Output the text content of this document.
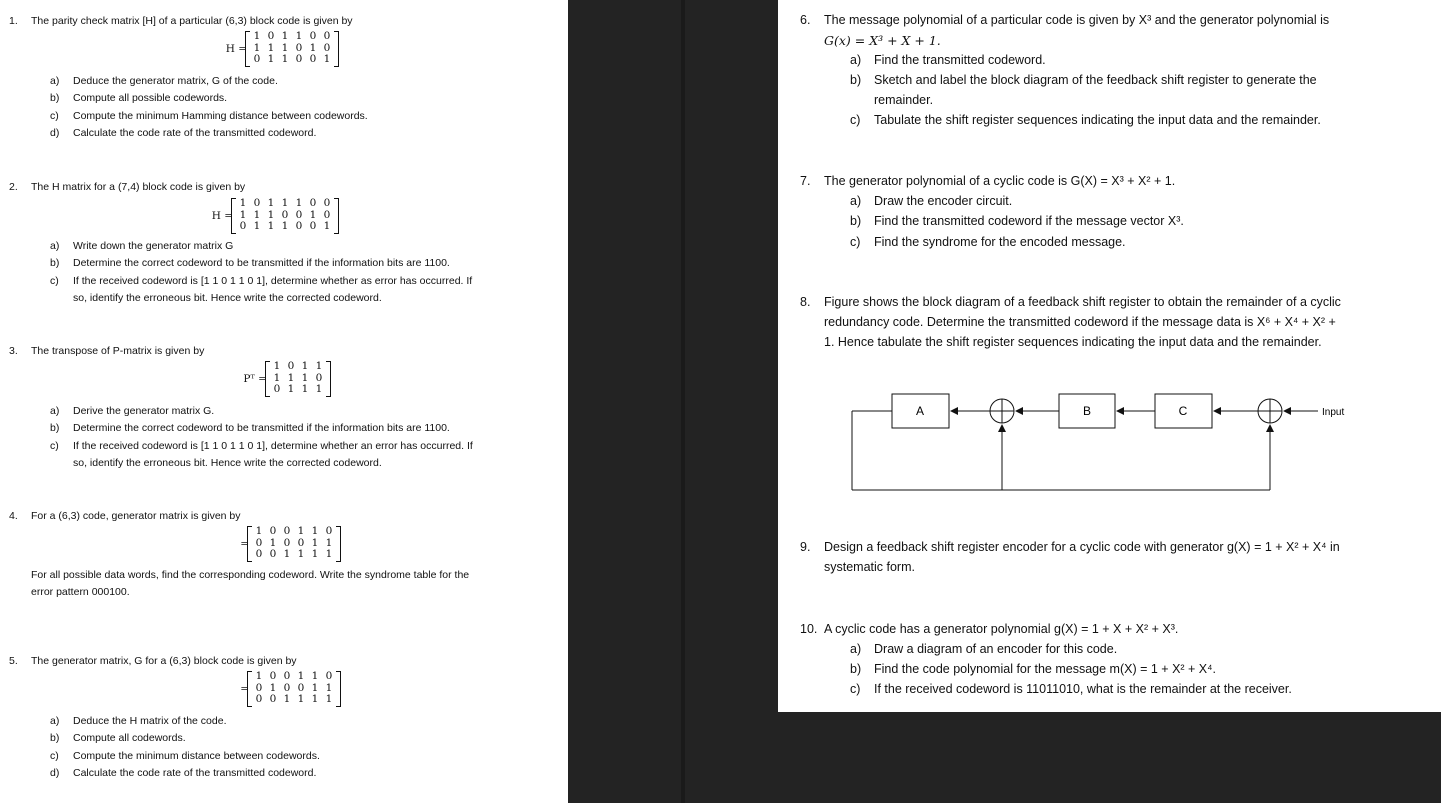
1. The parity check matrix [H] of a particular (6,3) block code is given by
H =
1	0	1	1	0	0
1	1	1	0	1	0
0	1	1	0	0	1
a) Deduce the generator matrix, G of the code.
b) Compute all possible codewords.
c) Compute the minimum Hamming distance between codewords.
d) Calculate the code rate of the transmitted codeword.
2. The H matrix for a (7,4) block code is given by
H =
1	0	1	1	1	0	0
1	1	1	0	0	1	0
0	1	1	1	0	0	1
a) Write down the generator matrix G
b) Determine the correct codeword to be transmitted if the information bits are 1100.
c) If the received codeword is [1 1 0 1 1 0 1], determine whether as error has occurred. If
so, identify the erroneous bit. Hence write the corrected codeword.
3. The transpose of P-matrix is given by
Pᵀ =
1	0	1	1
1	1	1	0
0	1	1	1
a) Derive the generator matrix G.
b) Determine the correct codeword to be transmitted if the information bits are 1100.
c) If the received codeword is [1 1 0 1 1 0 1], determine whether an error has occurred. If
so, identify the erroneous bit. Hence write the corrected codeword.
4. For a (6,3) code, generator matrix is given by
=
1	0	0	1	1	0
0	1	0	0	1	1
0	0	1	1	1	1
For all possible data words, find the corresponding codeword. Write the syndrome table for the
error pattern 000100.
5. The generator matrix, G for a (6,3) block code is given by
=
1	0	0	1	1	0
0	1	0	0	1	1
0	0	1	1	1	1
a) Deduce the H matrix of the code.
b) Compute all codewords.
c) Compute the minimum distance between codewords.
d) Calculate the code rate of the transmitted codeword.
6. The message polynomial of a particular code is given by X³ and the generator polynomial is
G(x) = X³ + X + 1.
a) Find the transmitted codeword.
b) Sketch and label the block diagram of the feedback shift register to generate the
remainder.
c) Tabulate the shift register sequences indicating the input data and the remainder.
7. The generator polynomial of a cyclic code is G(X) = X³ + X² + 1.
a) Draw the encoder circuit.
b) Find the transmitted codeword if the message vector X³.
c) Find the syndrome for the encoded message.
8. Figure shows the block diagram of a feedback shift register to obtain the remainder of a cyclic
redundancy code. Determine the transmitted codeword if the message data is X⁶ + X⁴ + X² +
1. Hence tabulate the shift register sequences indicating the input data and the remainder.
A	B	C	Input
9. Design a feedback shift register encoder for a cyclic code with generator g(X) = 1 + X² + X⁴ in
systematic form.
10. A cyclic code has a generator polynomial g(X) = 1 + X + X² + X³.
a) Draw a diagram of an encoder for this code.
b) Find the code polynomial for the message m(X) = 1 + X² + X⁴.
c) If the received codeword is 11011010, what is the remainder at the receiver.
